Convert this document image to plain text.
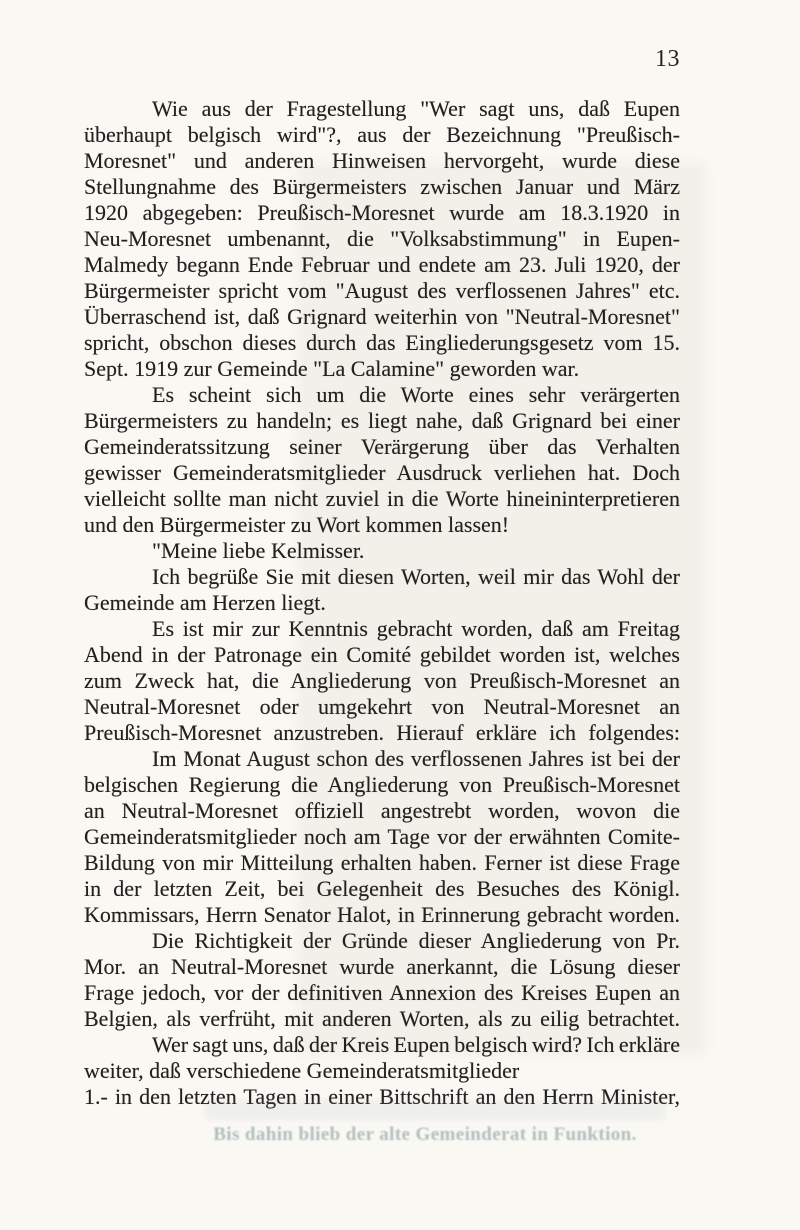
13
Wie aus der Fragestellung "Wer sagt uns, daß Eupen
überhaupt belgisch wird"?, aus der Bezeichnung "Preußisch-
Moresnet" und anderen Hinweisen hervorgeht, wurde diese
Stellungnahme des Bürgermeisters zwischen Januar und März
1920 abgegeben: Preußisch-Moresnet wurde am 18.3.1920 in
Neu-Moresnet umbenannt, die "Volksabstimmung" in Eupen-
Malmedy begann Ende Februar und endete am 23. Juli 1920, der
Bürgermeister spricht vom "August des verflossenen Jahres" etc.
Überraschend ist, daß Grignard weiterhin von "Neutral-Moresnet"
spricht, obschon dieses durch das Eingliederungsgesetz vom 15.
Sept. 1919 zur Gemeinde "La Calamine" geworden war.
Es scheint sich um die Worte eines sehr verärgerten
Bürgermeisters zu handeln; es liegt nahe, daß Grignard bei einer
Gemeinderatssitzung seiner Verärgerung über das Verhalten
gewisser Gemeinderatsmitglieder Ausdruck verliehen hat. Doch
vielleicht sollte man nicht zuviel in die Worte hineininterpretieren
und den Bürgermeister zu Wort kommen lassen!
"Meine liebe Kelmisser.
Ich begrüße Sie mit diesen Worten, weil mir das Wohl der
Gemeinde am Herzen liegt.
Es ist mir zur Kenntnis gebracht worden, daß am Freitag
Abend in der Patronage ein Comité gebildet worden ist, welches
zum Zweck hat, die Angliederung von Preußisch-Moresnet an
Neutral-Moresnet oder umgekehrt von Neutral-Moresnet an
Preußisch-Moresnet anzustreben. Hierauf erkläre ich folgendes:
Im Monat August schon des verflossenen Jahres ist bei der
belgischen Regierung die Angliederung von Preußisch-Moresnet
an Neutral-Moresnet offiziell angestrebt worden, wovon die
Gemeinderatsmitglieder noch am Tage vor der erwähnten Comite-
Bildung von mir Mitteilung erhalten haben. Ferner ist diese Frage
in der letzten Zeit, bei Gelegenheit des Besuches des Königl.
Kommissars, Herrn Senator Halot, in Erinnerung gebracht worden.
Die Richtigkeit der Gründe dieser Angliederung von Pr.
Mor. an Neutral-Moresnet wurde anerkannt, die Lösung dieser
Frage jedoch, vor der definitiven Annexion des Kreises Eupen an
Belgien, als verfrüht, mit anderen Worten, als zu eilig betrachtet.
Wer sagt uns, daß der Kreis Eupen belgisch wird? Ich erkläre
weiter, daß verschiedene Gemeinderatsmitglieder
1.- in den letzten Tagen in einer Bittschrift an den Herrn Minister,
Bis dahin blieb der alte Gemeinderat in Funktion.
